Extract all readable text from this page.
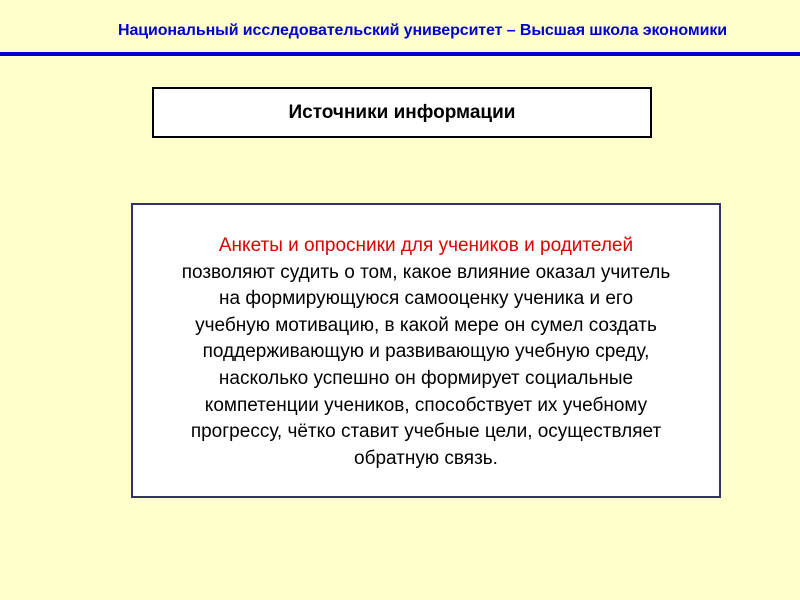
Национальный исследовательский университет – Высшая школа экономики
Источники информации
Анкеты и опросники для учеников и родителей
позволяют судить о том, какое влияние оказал учитель
на формирующуюся самооценку ученика и его
учебную мотивацию, в какой мере он сумел создать
поддерживающую и развивающую учебную среду,
насколько успешно он формирует социальные
компетенции учеников, способствует их учебному
прогрессу, чётко ставит учебные цели, осуществляет
обратную связь.
